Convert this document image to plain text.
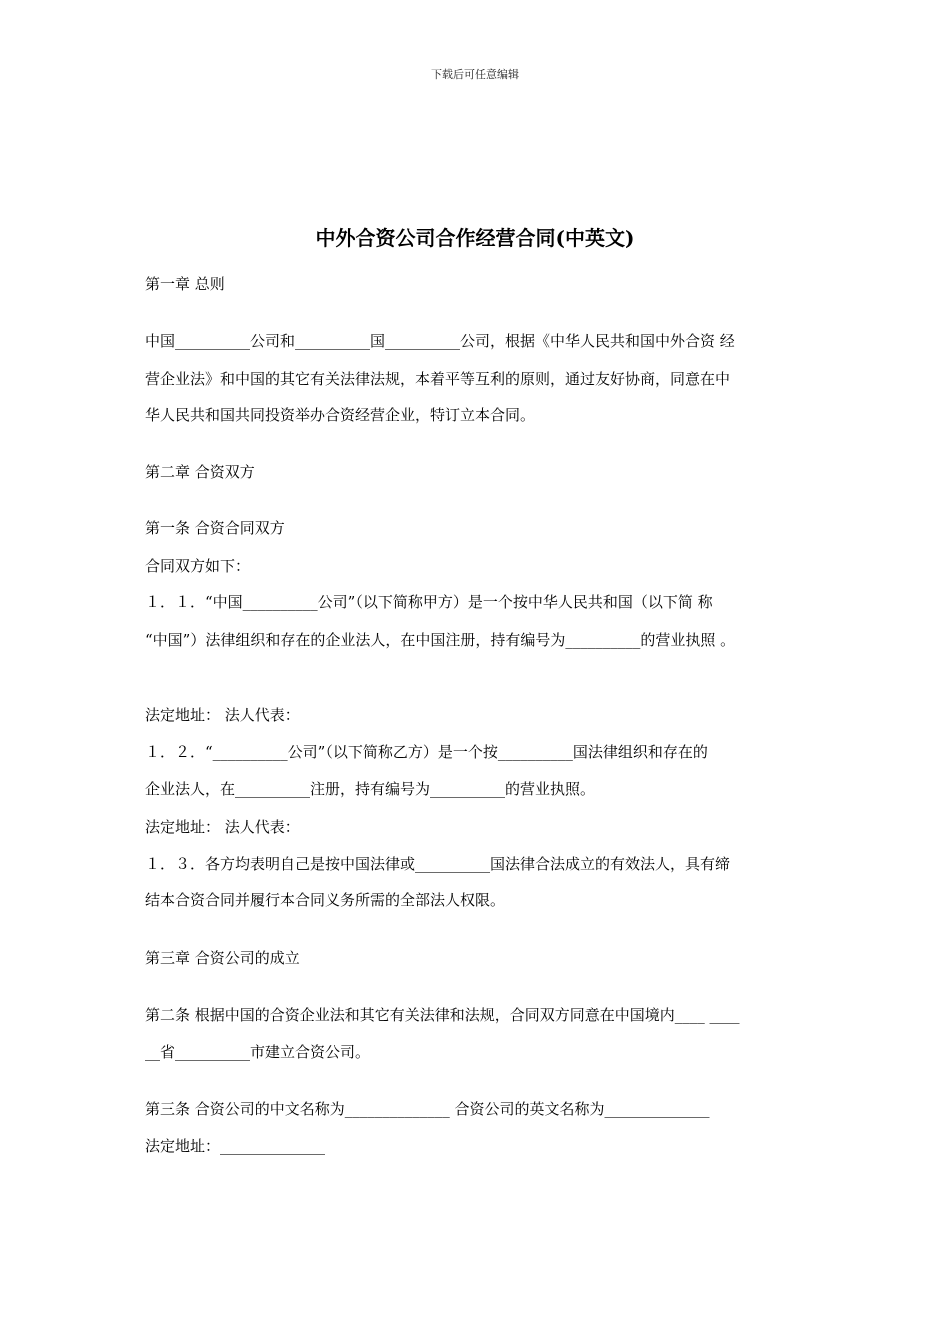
下载后可任意编辑
中外合资公司合作经营合同(中英文)
第一章 总则
中国__________公司和__________国__________公司，根据《中华人民共和国中外合资 经
营企业法》和中国的其它有关法律法规，本着平等互利的原则，通过友好协商，同意在中
华人民共和国共同投资举办合资经营企业，特订立本合同。
第二章 合资双方
第一条 合资合同双方
合同双方如下：
１．１．“中国__________公司”（以下简称甲方）是一个按中华人民共和国（以下简 称
“中国”）法律组织和存在的企业法人，在中国注册，持有编号为__________的营业执照 。
法定地址： 法人代表：
１．２．“__________公司”（以下简称乙方）是一个按__________国法律组织和存在的
企业法人，在__________注册，持有编号为__________的营业执照。
法定地址： 法人代表：
１．３．各方均表明自己是按中国法律或__________国法律合法成立的有效法人，具有缔
结本合资合同并履行本合同义务所需的全部法人权限。
第三章 合资公司的成立
第二条 根据中国的合资企业法和其它有关法律和法规，合同双方同意在中国境内____ ____
__省__________市建立合资公司。
第三条 合资公司的中文名称为______________ 合资公司的英文名称为______________
法定地址：______________
